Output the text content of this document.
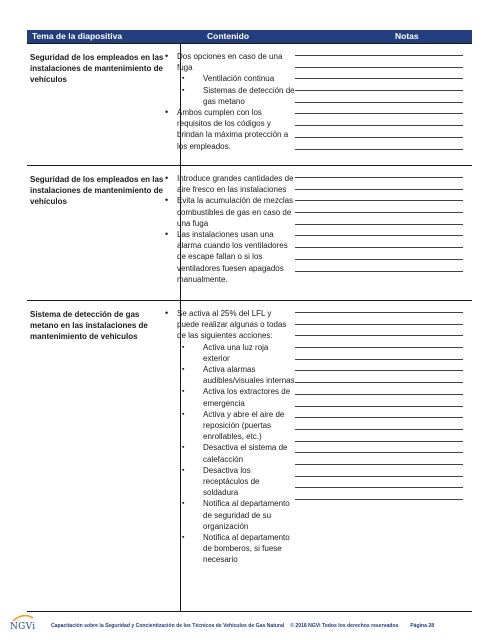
Tema de la diapositiva	Contenido	Notas
Seguridad de los empleados en las instalaciones de mantenimiento de vehículos
• Dos opciones en caso de una fuga
▪ Ventilación continua
▪ Sistemas de detección de gas metano
• Ambos cumplen con los requisitos de los códigos y brindan la máxima protección a los empleados.
Seguridad de los empleados en las instalaciones de mantenimiento de vehículos
• Introduce grandes cantidades de aire fresco en las instalaciones
• Evita la acumulación de mezclas combustibles de gas en caso de una fuga
• Las instalaciones usan una alarma cuando los ventiladores de escape fallan o si los ventiladores fuesen apagados manualmente.
Sistema de detección de gas metano en las instalaciones de mantenimiento de vehículos
• Se activa al 25% del LFL y puede realizar algunas o todas de las siguientes acciones:
▪ Activa una luz roja exterior
▪ Activa alarmas audibles/visuales internas
▪ Activa los extractores de emergencia
▪ Activa y abre el aire de reposición (puertas enrollables, etc.)
▪ Desactiva el sistema de calefacción
▪ Desactiva los receptáculos de soldadura
▪ Notifica al departamento de seguridad de su organización
▪ Notifica al departamento de bomberos, si fuese necesario
NGVi	Capacitación sobre la Seguridad y Concientización de los Técnicos de Vehículos de Gas Natural © 2018 NGVi Todos los derechos reservados Página 28
